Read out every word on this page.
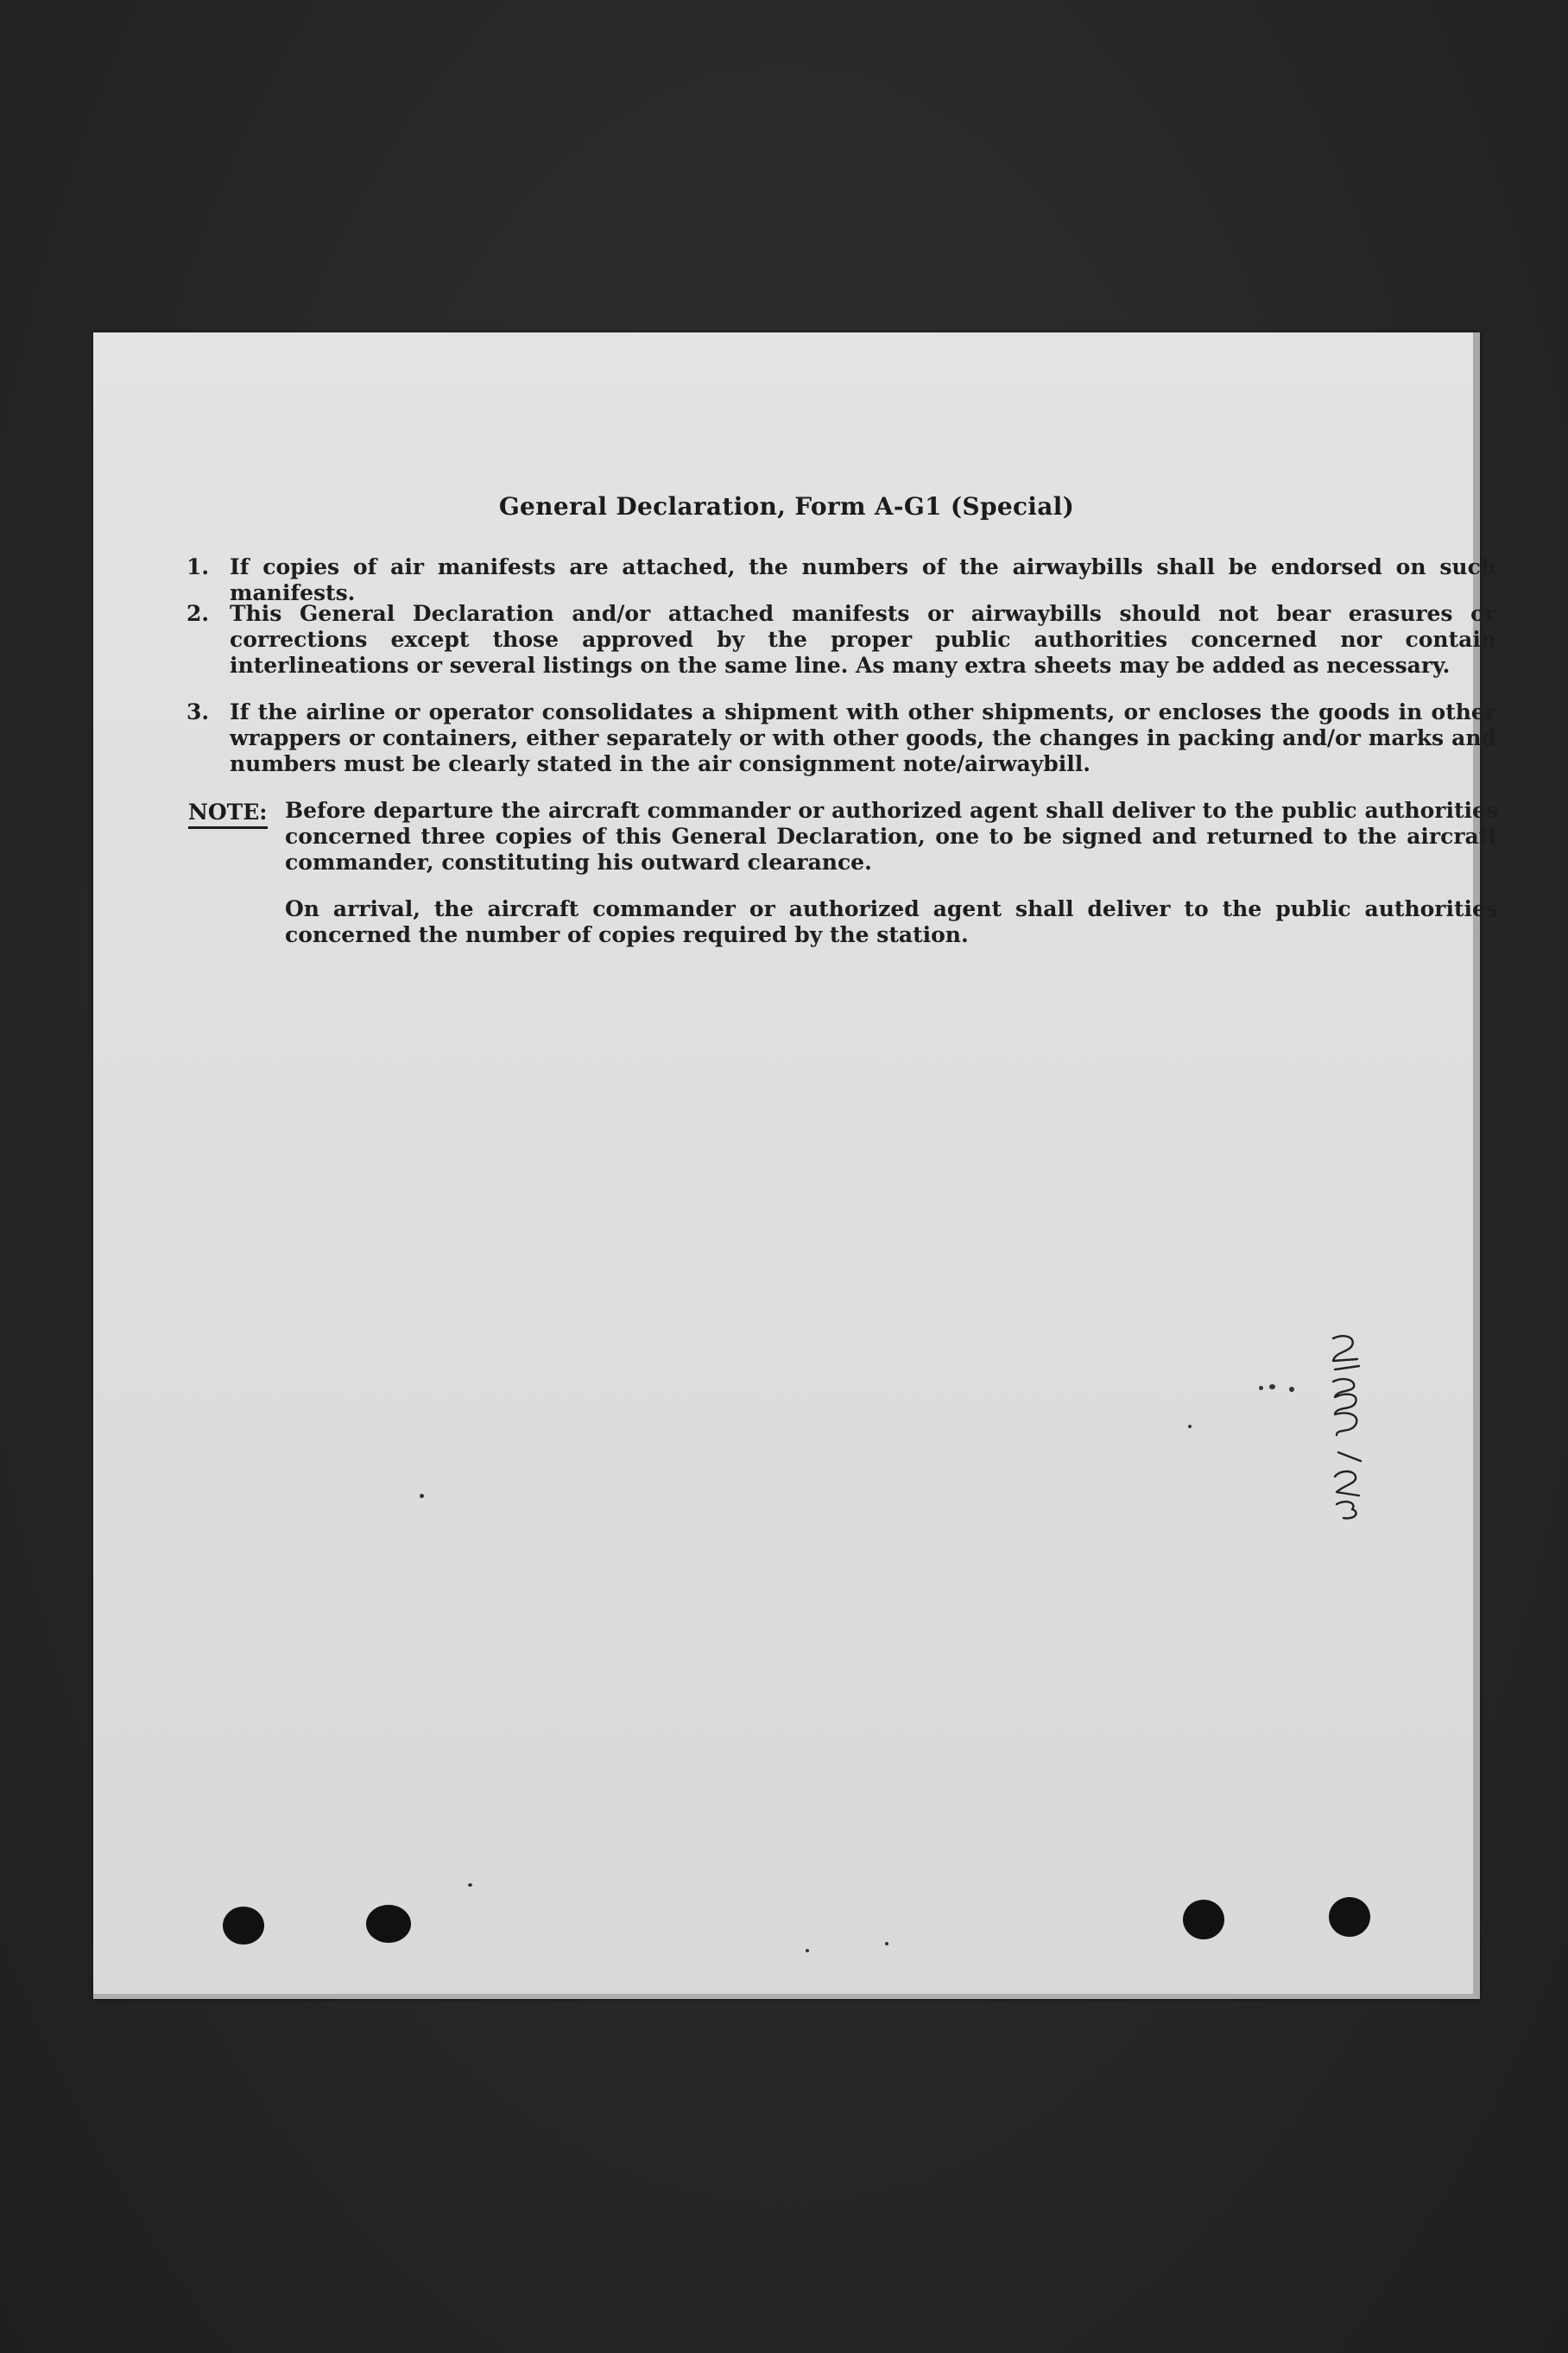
General Declaration, Form A-G1 (Special)
1. If copies of air manifests are attached, the numbers of the airwaybills shall be endorsed on such manifests.
2. This General Declaration and/or attached manifests or airwaybills should not bear erasures or corrections except those approved by the proper public authorities concerned nor contain interlineations or several listings on the same line. As many extra sheets may be added as necessary.
3. If the airline or operator consolidates a shipment with other shipments, or encloses the goods in other wrappers or containers, either separately or with other goods, the changes in packing and/or marks and numbers must be clearly stated in the air consignment note/airwaybill.
NOTE: Before departure the aircraft commander or authorized agent shall deliver to the public authorities concerned three copies of this General Declaration, one to be signed and returned to the aircraft commander, constituting his outward clearance.
On arrival, the aircraft commander or authorized agent shall deliver to the public authorities concerned the number of copies required by the station.
